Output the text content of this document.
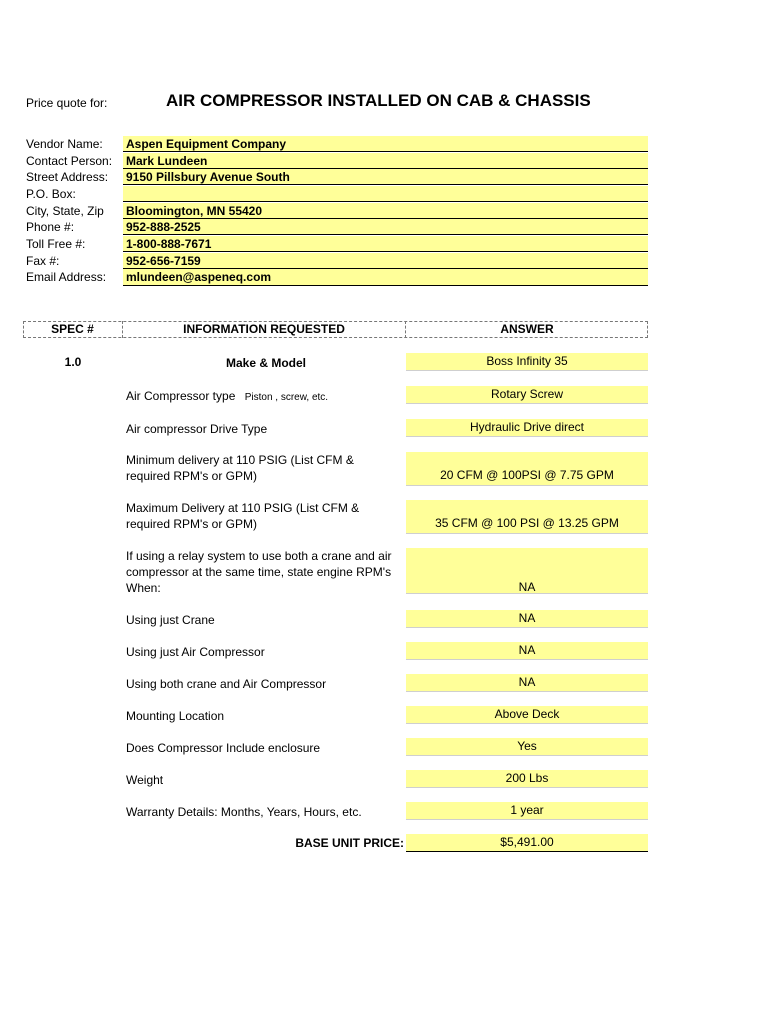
Price quote for:	AIR COMPRESSOR INSTALLED ON CAB & CHASSIS
Vendor Name: Aspen Equipment Company
Contact Person: Mark Lundeen
Street Address: 9150 Pillsbury Avenue South
P.O. Box:
City, State, Zip Bloomington, MN 55420
Phone #:	952-888-2525
Toll Free #:	1-800-888-7671
Fax #:	952-656-7159
Email Address: mlundeen@aspeneq.com
SPEC #	INFORMATION REQUESTED	ANSWER
1.0	Make & Model	Boss Infinity 35
Air Compressor type Piston , screw, etc.	Rotary Screw
Air compressor Drive Type	Hydraulic Drive direct
Minimum delivery at 110 PSIG (List CFM & required RPM's or GPM)	20 CFM @ 100PSI @ 7.75 GPM
Maximum Delivery at 110 PSIG (List CFM & required RPM's or GPM)	35 CFM @ 100 PSI @ 13.25 GPM
If using a relay system to use both a crane and air compressor at the same time, state engine RPM's When:	NA
Using just Crane	NA
Using just Air Compressor	NA
Using both crane and Air Compressor	NA
Mounting Location	Above Deck
Does Compressor Include enclosure	Yes
Weight	200 Lbs
Warranty Details: Months, Years, Hours, etc.	1 year
BASE UNIT PRICE:	$5,491.00
